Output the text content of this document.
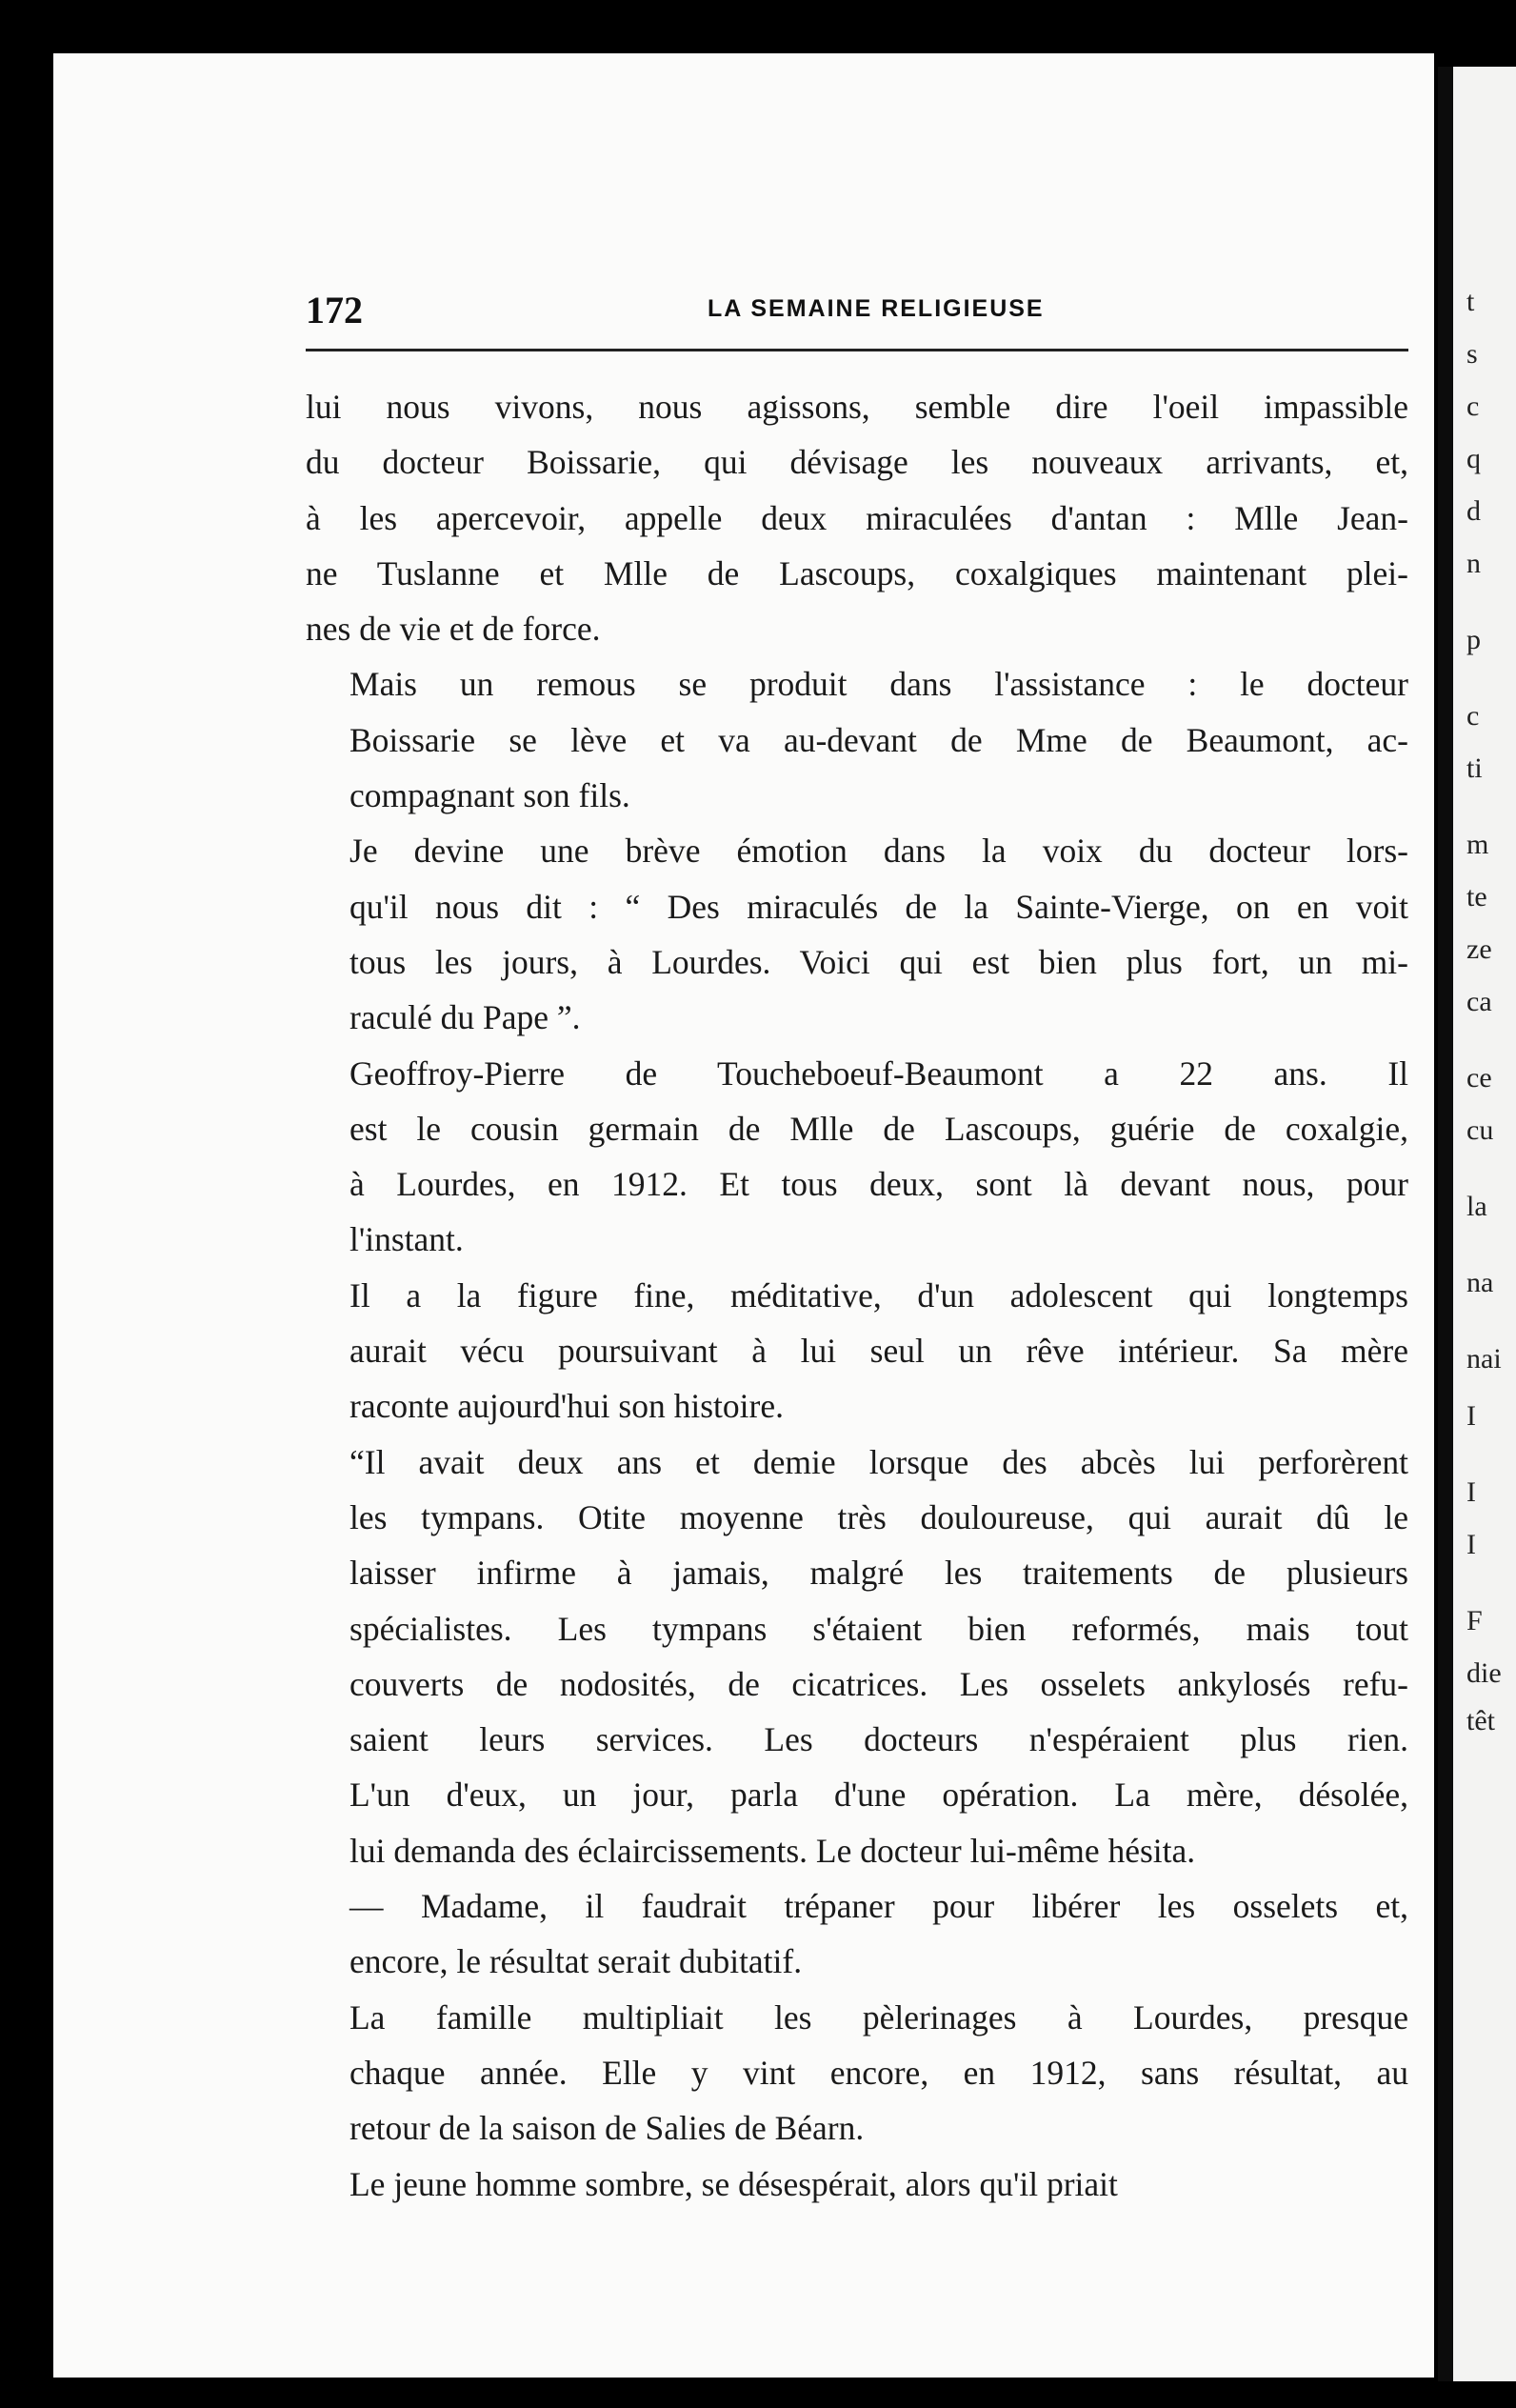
172	LA SEMAINE RELIGIEUSE

lui nous vivons, nous agissons, semble dire l'oeil impassible
du docteur Boissarie, qui dévisage les nouveaux arrivants, et,
à les apercevoir, appelle deux miraculées d'antan : Mlle Jean-
ne Tuslanne et Mlle de Lascoups, coxalgiques maintenant plei-
nes de vie et de force.

Mais un remous se produit dans l'assistance : le docteur
Boissarie se lève et va au-devant de Mme de Beaumont, ac-
compagnant son fils.

Je devine une brève émotion dans la voix du docteur lors-
qu'il nous dit : “ Des miraculés de la Sainte-Vierge, on en voit
tous les jours, à Lourdes. Voici qui est bien plus fort, un mi-
raculé du Pape ”.

Geoffroy-Pierre de Toucheboeuf-Beaumont a 22 ans. Il
est le cousin germain de Mlle de Lascoups, guérie de coxalgie,
à Lourdes, en 1912. Et tous deux, sont là devant nous, pour
l'instant.

Il a la figure fine, méditative, d'un adolescent qui longtemps
aurait vécu poursuivant à lui seul un rêve intérieur. Sa mère
raconte aujourd'hui son histoire.

“Il avait deux ans et demie lorsque des abcès lui perforèrent
les tympans. Otite moyenne très douloureuse, qui aurait dû le
laisser infirme à jamais, malgré les traitements de plusieurs
spécialistes. Les tympans s'étaient bien reformés, mais tout
couverts de nodosités, de cicatrices. Les osselets ankylosés refu-
saient leurs services. Les docteurs n'espéraient plus rien.
L'un d'eux, un jour, parla d'une opération. La mère, désolée,
lui demanda des éclaircissements. Le docteur lui-même hésita.

— Madame, il faudrait trépaner pour libérer les osselets et,
encore, le résultat serait dubitatif.

La famille multipliait les pèlerinages à Lourdes, presque
chaque année. Elle y vint encore, en 1912, sans résultat, au
retour de la saison de Salies de Béarn.

Le jeune homme sombre, se désespérait, alors qu'il priait

t
s
c
q
d
n
p
c
ti
m
te
ze
ca
ce
cu
la
na
nai
I
I
I
F
die
têt
